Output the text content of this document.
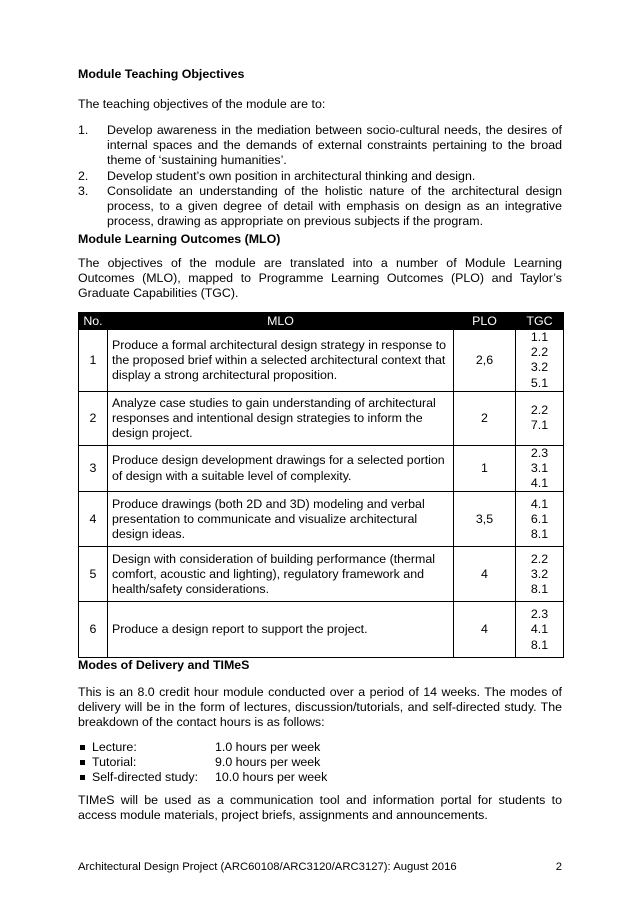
Module Teaching Objectives
The teaching objectives of the module are to:
1. Develop awareness in the mediation between socio-cultural needs, the desires of internal spaces and the demands of external constraints pertaining to the broad theme of ‘sustaining humanities’.
2. Develop student’s own position in architectural thinking and design.
3. Consolidate an understanding of the holistic nature of the architectural design process, to a given degree of detail with emphasis on design as an integrative process, drawing as appropriate on previous subjects if the program.
Module Learning Outcomes (MLO)
The objectives of the module are translated into a number of Module Learning Outcomes (MLO), mapped to Programme Learning Outcomes (PLO) and Taylor’s Graduate Capabilities (TGC).
No.	MLO	PLO	TGC
1	Produce a formal architectural design strategy in response to the proposed brief within a selected architectural context that display a strong architectural proposition.	2,6	1.1
2.2
3.2
5.1

2	Analyze case studies to gain understanding of architectural responses and intentional design strategies to inform the design project.	2	2.2
7.1

3	Produce design development drawings for a selected portion of design with a suitable level of complexity.	1	2.3
3.1
4.1

4	Produce drawings (both 2D and 3D) modeling and verbal presentation to communicate and visualize architectural design ideas.	3,5	4.1
6.1
8.1

5	Design with consideration of building performance (thermal comfort, acoustic and lighting), regulatory framework and health/safety considerations.	4	2.2
3.2
8.1

6	Produce a design report to support the project.	4	2.3
4.1
8.1
Modes of Delivery and TIMeS
This is an 8.0 credit hour module conducted over a period of 14 weeks. The modes of delivery will be in the form of lectures, discussion/tutorials, and self-directed study. The breakdown of the contact hours is as follows:
Lecture:	1.0 hours per week
Tutorial:	9.0 hours per week
Self-directed study: 10.0 hours per week
TIMeS will be used as a communication tool and information portal for students to access module materials, project briefs, assignments and announcements.
Architectural Design Project (ARC60108/ARC3120/ARC3127): August 2016	2
